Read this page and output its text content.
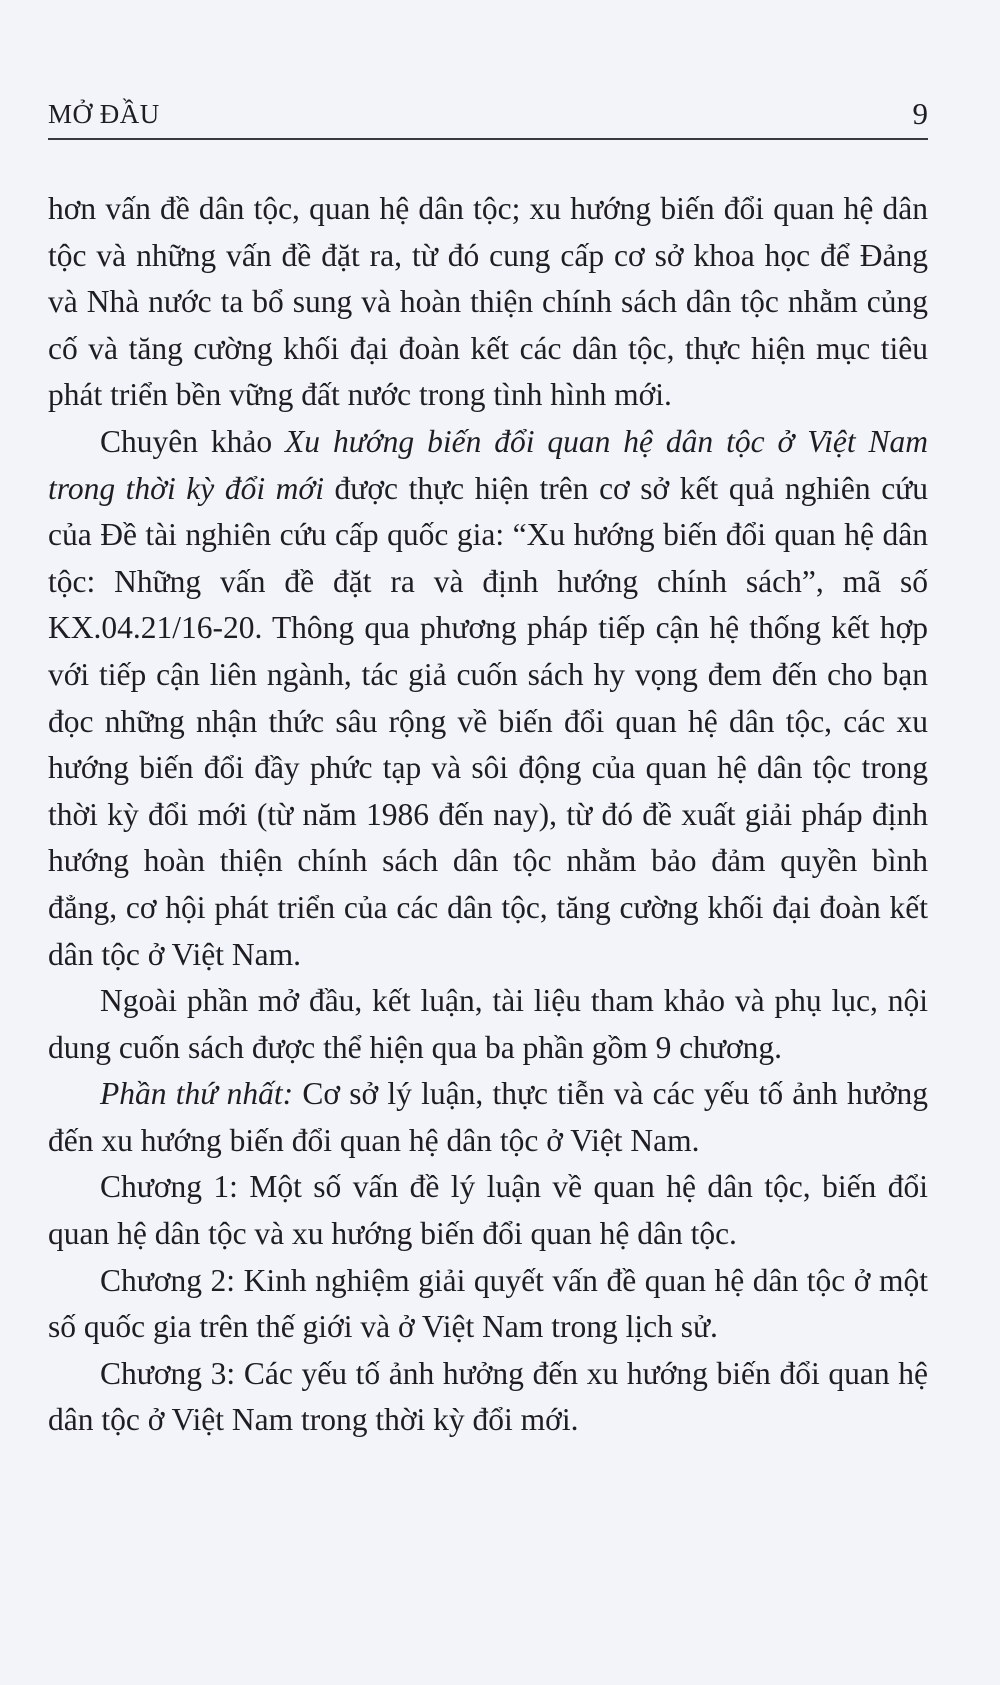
MỞ ĐẦU	9

hơn vấn đề dân tộc, quan hệ dân tộc; xu hướng biến đổi quan hệ dân tộc và những vấn đề đặt ra, từ đó cung cấp cơ sở khoa học để Đảng và Nhà nước ta bổ sung và hoàn thiện chính sách dân tộc nhằm củng cố và tăng cường khối đại đoàn kết các dân tộc, thực hiện mục tiêu phát triển bền vững đất nước trong tình hình mới.

Chuyên khảo Xu hướng biến đổi quan hệ dân tộc ở Việt Nam trong thời kỳ đổi mới được thực hiện trên cơ sở kết quả nghiên cứu của Đề tài nghiên cứu cấp quốc gia: “Xu hướng biến đổi quan hệ dân tộc: Những vấn đề đặt ra và định hướng chính sách”, mã số KX.04.21/16-20. Thông qua phương pháp tiếp cận hệ thống kết hợp với tiếp cận liên ngành, tác giả cuốn sách hy vọng đem đến cho bạn đọc những nhận thức sâu rộng về biến đổi quan hệ dân tộc, các xu hướng biến đổi đầy phức tạp và sôi động của quan hệ dân tộc trong thời kỳ đổi mới (từ năm 1986 đến nay), từ đó đề xuất giải pháp định hướng hoàn thiện chính sách dân tộc nhằm bảo đảm quyền bình đẳng, cơ hội phát triển của các dân tộc, tăng cường khối đại đoàn kết dân tộc ở Việt Nam.

Ngoài phần mở đầu, kết luận, tài liệu tham khảo và phụ lục, nội dung cuốn sách được thể hiện qua ba phần gồm 9 chương.

Phần thứ nhất: Cơ sở lý luận, thực tiễn và các yếu tố ảnh hưởng đến xu hướng biến đổi quan hệ dân tộc ở Việt Nam.

Chương 1: Một số vấn đề lý luận về quan hệ dân tộc, biến đổi quan hệ dân tộc và xu hướng biến đổi quan hệ dân tộc.

Chương 2: Kinh nghiệm giải quyết vấn đề quan hệ dân tộc ở một số quốc gia trên thế giới và ở Việt Nam trong lịch sử.

Chương 3: Các yếu tố ảnh hưởng đến xu hướng biến đổi quan hệ dân tộc ở Việt Nam trong thời kỳ đổi mới.
